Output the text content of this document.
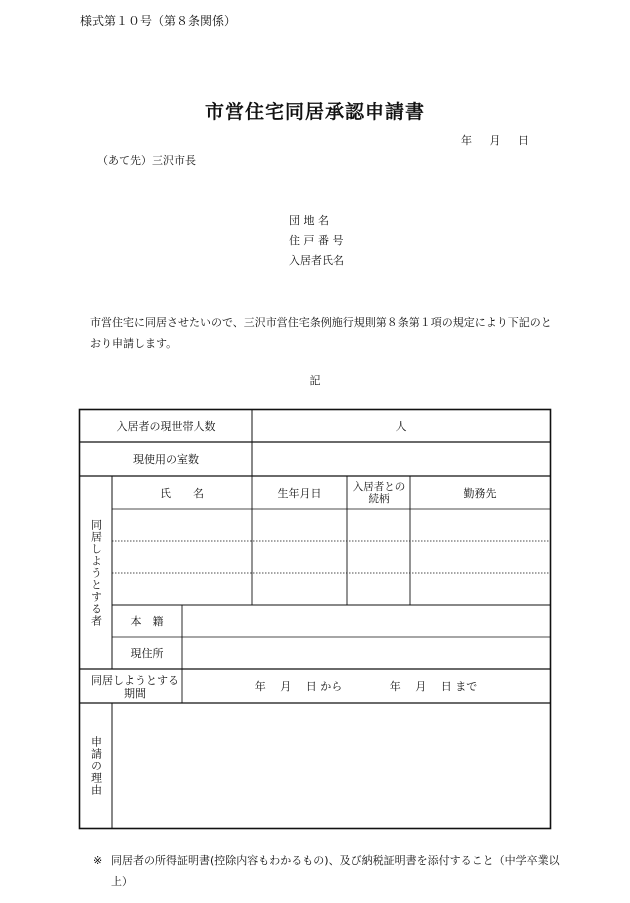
様式第１０号（第８条関係）
市営住宅同居承認申請書
年 月 日
（あて先）三沢市長
団 地 名
住 戸 番 号
入居者氏名
市営住宅に同居させたいので、三沢市営住宅条例施行規則第８条第１項の規定により下記のとおり申請します。
記
入居者の現世帯人数	人
現使用の室数
同居しようとする者
氏　　名	生年月日	入居者との続柄	勤務先
本　籍
現住所
同居しようとする期間	年　 月　 日 から　　　　 年　 月　 日 まで
申請の理由
※ 同居者の所得証明書(控除内容もわかるもの)、及び納税証明書を添付すること（中学卒業以上）
